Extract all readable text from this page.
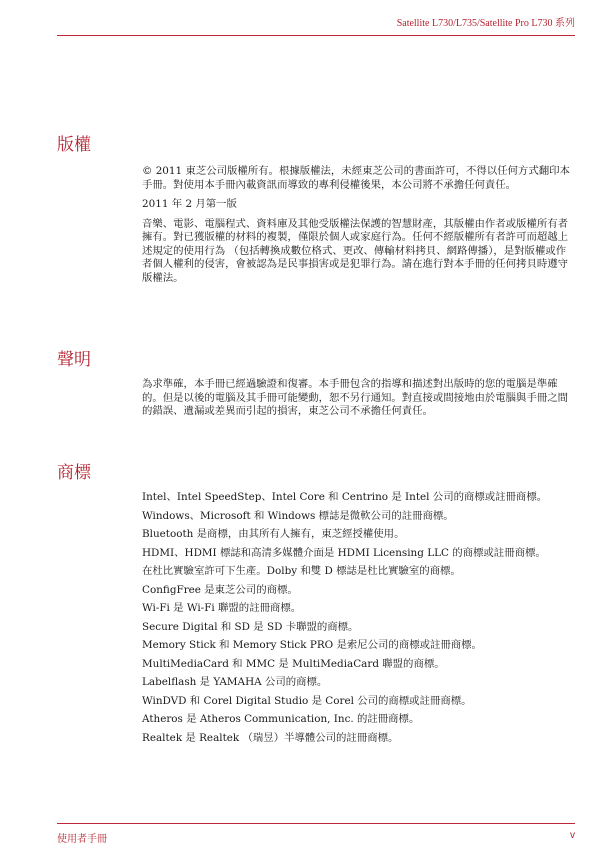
Satellite L730/L735/Satellite Pro L730 系列
版權

© 2011 東芝公司版權所有。根據版權法，未經東芝公司的書面許可，不得以任何方式翻印本手冊。對使用本手冊內載資訊而導致的專利侵權後果，本公司將不承擔任何責任。

2011 年 2 月第一版

音樂、電影、電腦程式、資料庫及其他受版權法保護的智慧財產，其版權由作者或版權所有者擁有。對已獲版權的材料的複製，僅限於個人或家庭行為。任何不經版權所有者許可而超越上述規定的使用行為 （包括轉換成數位格式、更改、傳輸材料拷貝、網路傳播），是對版權或作者個人權利的侵害，會被認為是民事損害或是犯罪行為。請在進行對本手冊的任何拷貝時遵守版權法。

聲明

為求準確，本手冊已經過驗證和復審。本手冊包含的指導和描述對出版時的您的電腦是準確的。但是以後的電腦及其手冊可能變動，恕不另行通知。對直接或間接地由於電腦與手冊之間的錯誤、遺漏或差異而引起的損害，東芝公司不承擔任何責任。

商標

Intel、Intel SpeedStep、Intel Core 和 Centrino 是 Intel 公司的商標或註冊商標。

Windows、Microsoft 和 Windows 標誌是微軟公司的註冊商標。

Bluetooth 是商標，由其所有人擁有，東芝經授權使用。

HDMI、HDMI 標誌和高清多媒體介面是 HDMI Licensing LLC 的商標或註冊商標。

在杜比實驗室許可下生產。Dolby 和雙 D 標誌是杜比實驗室的商標。

ConfigFree 是東芝公司的商標。

Wi-Fi 是 Wi-Fi 聯盟的註冊商標。

Secure Digital 和 SD 是 SD 卡聯盟的商標。

Memory Stick 和 Memory Stick PRO 是索尼公司的商標或註冊商標。

MultiMediaCard 和 MMC 是 MultiMediaCard 聯盟的商標。

Labelflash 是 YAMAHA 公司的商標。

WinDVD 和 Corel Digital Studio 是 Corel 公司的商標或註冊商標。

Atheros 是 Atheros Communication, Inc. 的註冊商標。

Realtek 是 Realtek （瑞昱）半導體公司的註冊商標。

使用者手冊	v
